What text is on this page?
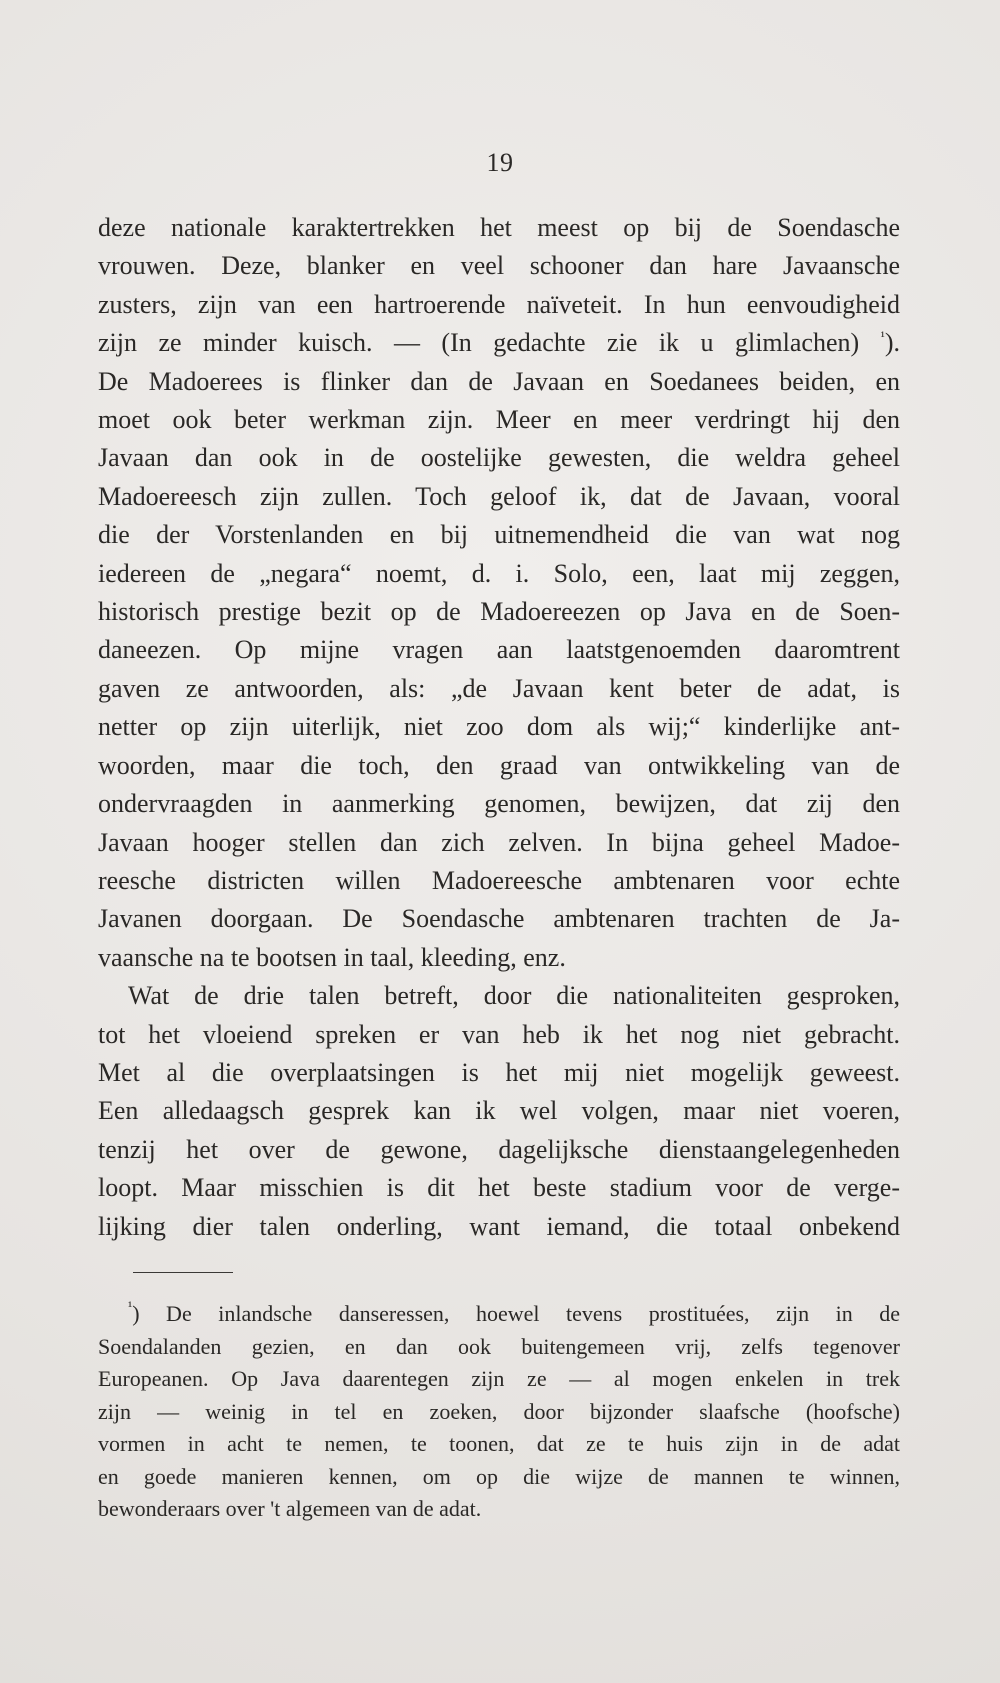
19

deze nationale karaktertrekken het meest op bij de Soendasche
vrouwen. Deze, blanker en veel schooner dan hare Javaansche
zusters, zijn van een hartroerende naïveteit. In hun eenvoudigheid
zijn ze minder kuisch. — (In gedachte zie ik u glimlachen) $^{^1}$).
De Madoerees is flinker dan de Javaan en Soedanees beiden, en
moet ook beter werkman zijn. Meer en meer verdringt hij den
Javaan dan ook in de oostelijke gewesten, die weldra geheel
Madoereesch zijn zullen. Toch geloof ik, dat de Javaan, vooral
die der Vorstenlanden en bij uitnemendheid die van wat nog
iedereen de „negara“ noemt, d. i. Solo, een, laat mij zeggen,
historisch prestige bezit op de Madoereezen op Java en de Soen-
daneezen. Op mijne vragen aan laatstgenoemden daaromtrent
gaven ze antwoorden, als: „de Javaan kent beter de adat, is
netter op zijn uiterlijk, niet zoo dom als wij;“ kinderlijke ant-
woorden, maar die toch, den graad van ontwikkeling van de
ondervraagden in aanmerking genomen, bewijzen, dat zij den
Javaan hooger stellen dan zich zelven. In bijna geheel Madoe-
reesche districten willen Madoereesche ambtenaren voor echte
Javanen doorgaan. De Soendasche ambtenaren trachten de Ja-
vaansche na te bootsen in taal, kleeding, enz.

Wat de drie talen betreft, door die nationaliteiten gesproken,
tot het vloeiend spreken er van heb ik het nog niet gebracht.
Met al die overplaatsingen is het mij niet mogelijk geweest.
Een alledaagsch gesprek kan ik wel volgen, maar niet voeren,
tenzij het over de gewone, dagelijksche dienstaangelegenheden
loopt. Maar misschien is dit het beste stadium voor de verge-
lijking dier talen onderling, want iemand, die totaal onbekend

$^{^1}$) De inlandsche danseressen, hoewel tevens prostituées, zijn in de
Soendalanden gezien, en dan ook buitengemeen vrij, zelfs tegenover
Europeanen. Op Java daarentegen zijn ze — al mogen enkelen in trek
zijn — weinig in tel en zoeken, door bijzonder slaafsche (hoofsche)
vormen in acht te nemen, te toonen, dat ze te huis zijn in de adat
en goede manieren kennen, om op die wijze de mannen te winnen,
bewonderaars over 't algemeen van de adat.
